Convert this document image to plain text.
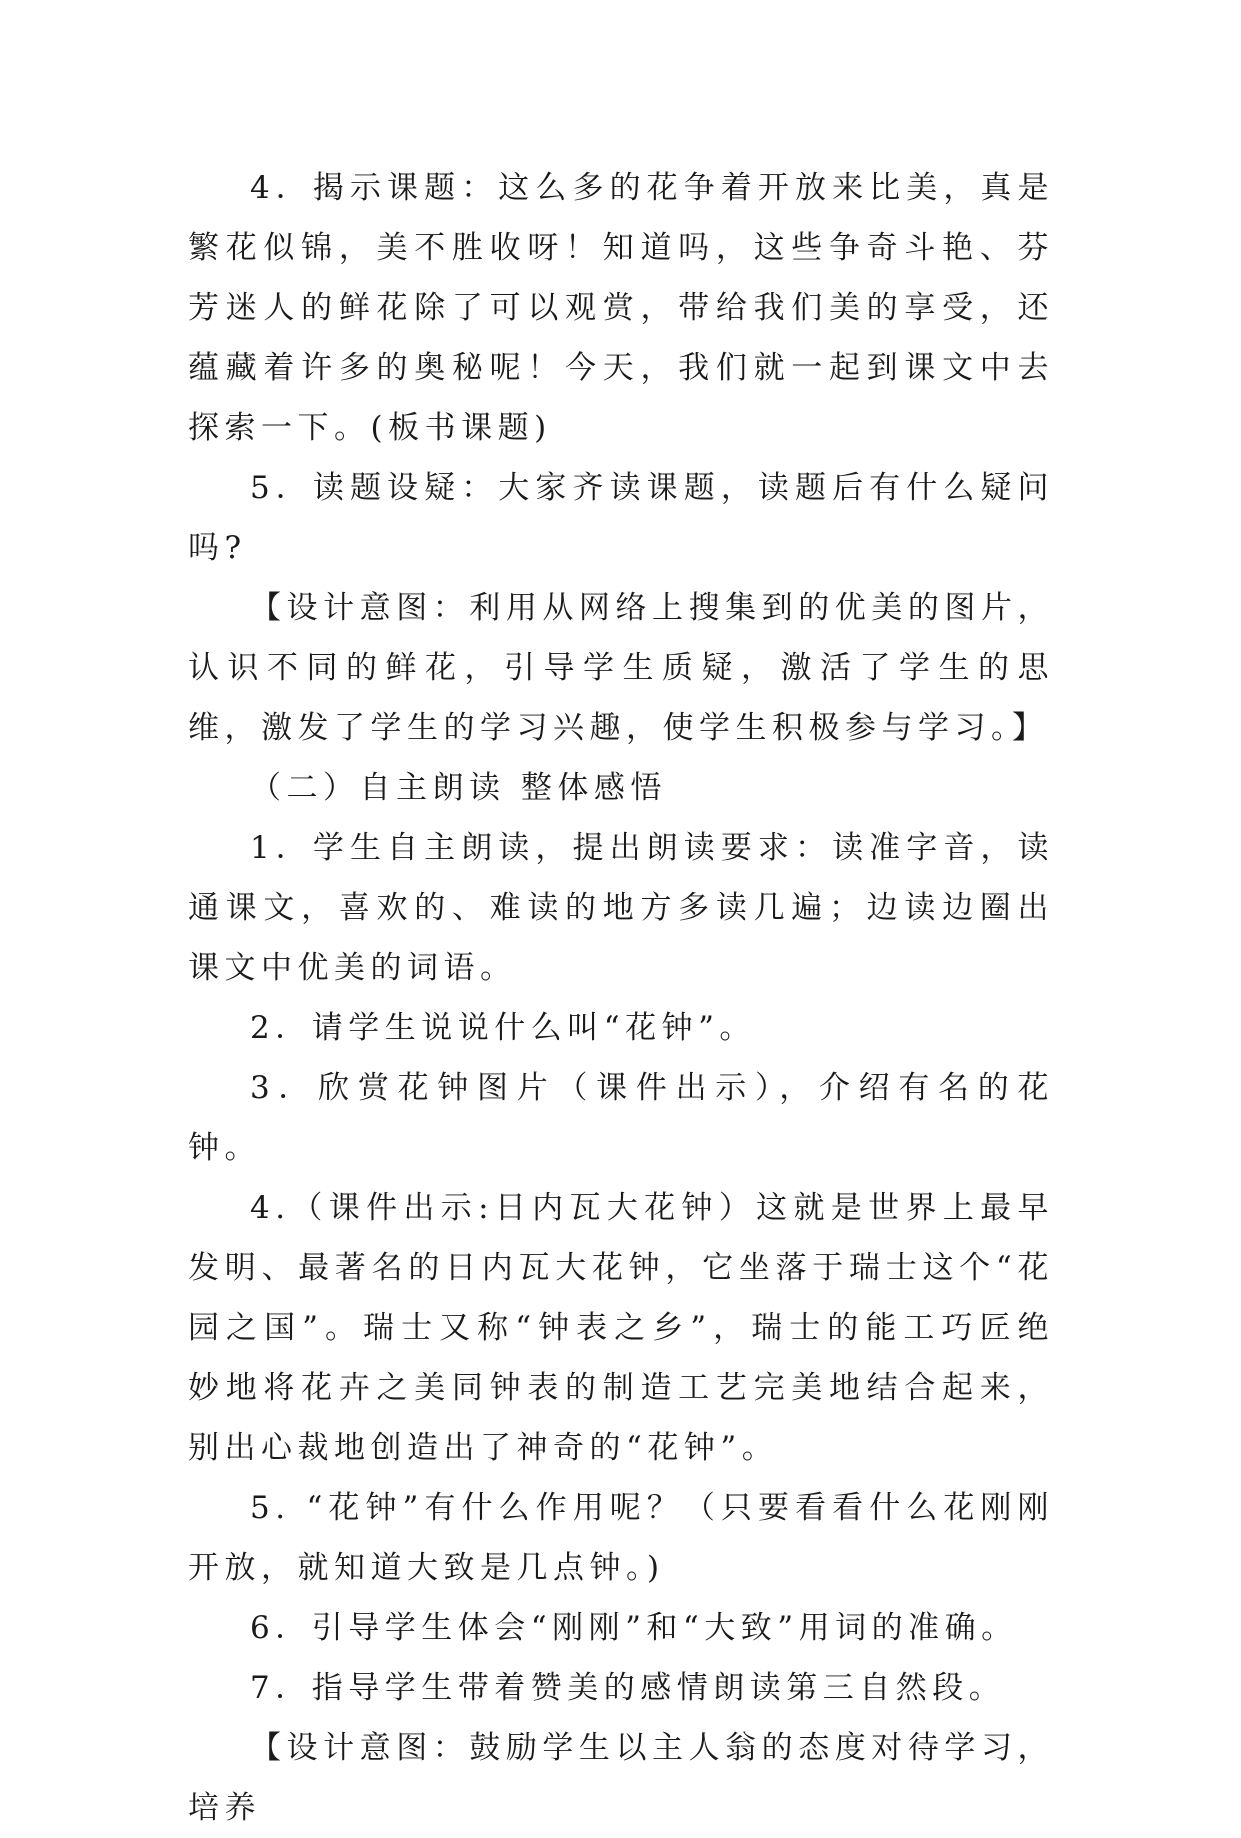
4．揭示课题：这么多的花争着开放来比美，真是繁花似锦，美不胜收呀！知道吗，这些争奇斗艳、芬芳迷人的鲜花除了可以观赏，带给我们美的享受，还蕴藏着许多的奥秘呢！今天，我们就一起到课文中去探索一下。(板书课题)

5．读题设疑：大家齐读课题，读题后有什么疑问吗?

【设计意图：利用从网络上搜集到的优美的图片，认识不同的鲜花，引导学生质疑，激活了学生的思维，激发了学生的学习兴趣，使学生积极参与学习。】

（二）自主朗读 整体感悟

1．学生自主朗读，提出朗读要求：读准字音，读通课文，喜欢的、难读的地方多读几遍；边读边圈出课文中优美的词语。

2．请学生说说什么叫“花钟”。

3．欣赏花钟图片（课件出示），介绍有名的花钟。

4.（课件出示:日内瓦大花钟）这就是世界上最早发明、最著名的日内瓦大花钟，它坐落于瑞士这个“花园之国”。瑞士又称“钟表之乡”，瑞士的能工巧匠绝妙地将花卉之美同钟表的制造工艺完美地结合起来，别出心裁地创造出了神奇的“花钟”。

5. “花钟”有什么作用呢？（只要看看什么花刚刚开放，就知道大致是几点钟。)

6．引导学生体会“刚刚”和“大致”用词的准确。

7．指导学生带着赞美的感情朗读第三自然段。

【设计意图：鼓励学生以主人翁的态度对待学习，培养
